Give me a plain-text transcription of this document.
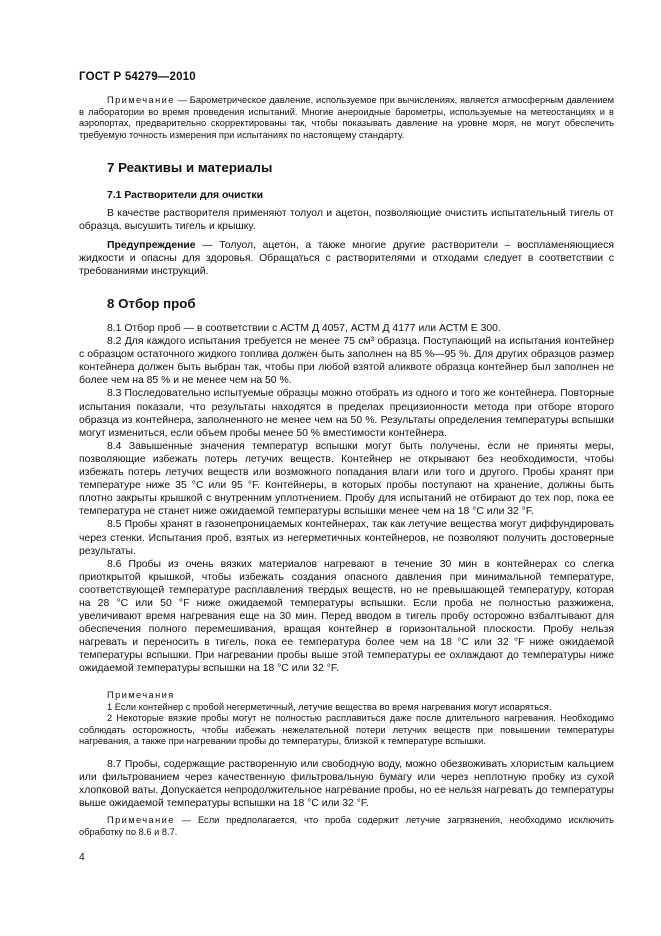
ГОСТ Р 54279—2010

Примечание — Барометрическое давление, используемое при вычислениях, является атмосферным давлением в лаборатории во время проведения испытаний. Многие анероидные барометры, используемые на метеостанциях и в аэропортах, предварительно скорректированы так, чтобы показывать давление на уровне моря, не могут обеспечить требуемую точность измерения при испытаниях по настоящему стандарту.

7 Реактивы и материалы
7.1 Растворители для очистки

В качестве растворителя применяют толуол и ацетон, позволяющие очистить испытательный тигель от образца, высушить тигель и крышку.

Предупреждение — Толуол, ацетон, а также многие другие растворители – воспламеняющиеся жидкости и опасны для здоровья. Обращаться с растворителями и отходами следует в соответствии с требованиями инструкций.

8 Отбор проб

8.1 Отбор проб — в соответствии с АСТМ Д 4057, АСТМ Д 4177 или АСТМ Е 300.

8.2 Для каждого испытания требуется не менее 75 см³ образца. Поступающий на испытания контейнер с образцом остаточного жидкого топлива должен быть заполнен на 85 %—95 %. Для других образцов размер контейнера должен быть выбран так, чтобы при любой взятой аликвоте образца контейнер был заполнен не более чем на 85 % и не менее чем на 50 %.

8.3 Последовательно испытуемые образцы можно отобрать из одного и того же контейнера. Повторные испытания показали, что результаты находятся в пределах прецизионности метода при отборе второго образца из контейнера, заполненного не менее чем на 50 %. Результаты определения температуры вспышки могут измениться, если объем пробы менее 50 % вместимости контейнера.

8.4 Завышенные значения температур вспышки могут быть получены, если не приняты меры, позволяющие избежать потерь летучих веществ. Контейнер не открывают без необходимости, чтобы избежать потерь летучих веществ или возможного попадания влаги или того и другого. Пробы хранят при температуре ниже 35 °С или 95 °F. Контейнеры, в которых пробы поступают на хранение, должны быть плотно закрыты крышкой с внутренним уплотнением. Пробу для испытаний не отбирают до тех пор, пока ее температура не станет ниже ожидаемой температуры вспышки менее чем на 18 °С или 32 °F.

8.5 Пробы хранят в газонепроницаемых контейнерах, так как летучие вещества могут диффундировать через стенки. Испытания проб, взятых из негерметичных контейнеров, не позволяют получить достоверные результаты.

8.6 Пробы из очень вязких материалов нагревают в течение 30 мин в контейнерах со слегка приоткрытой крышкой, чтобы избежать создания опасного давления при минимальной температуре, соответствующей температуре расплавления твердых веществ, но не превышающей температуру, которая на 28 °С или 50 °F ниже ожидаемой температуры вспышки. Если проба не полностью разжижена, увеличивают время нагревания еще на 30 мин. Перед вводом в тигель пробу осторожно взбалтывают для обеспечения полного перемешивания, вращая контейнер в горизонтальной плоскости. Пробу нельзя нагревать и переносить в тигель, пока ее температура более чем на 18 °С или 32 °F ниже ожидаемой температуры вспышки. При нагревании пробы выше этой температуры ее охлаждают до температуры ниже ожидаемой температуры вспышки на 18 °С или 32 °F.

Примечания

1 Если контейнер с пробой негерметичный, летучие вещества во время нагревания могут испаряться.

2 Некоторые вязкие пробы могут не полностью расплавиться даже после длительного нагревания. Необходимо соблюдать осторожность, чтобы избежать нежелательной потери летучих веществ при повышении температуры нагревания, а также при нагревании пробы до температуры, близкой к температуре вспышки.

8.7 Пробы, содержащие растворенную или свободную воду, можно обезвоживать хлористым кальцием или фильтрованием через качественную фильтровальную бумагу или через неплотную пробку из сухой хлопковой ваты. Допускается непродолжительное нагревание пробы, но ее нельзя нагревать до температуры выше ожидаемой температуры вспышки на 18 °С или 32 °F.

Примечание — Если предполагается, что проба содержит летучие загрязнения, необходимо исключить обработку по 8.6 и 8.7.

4
